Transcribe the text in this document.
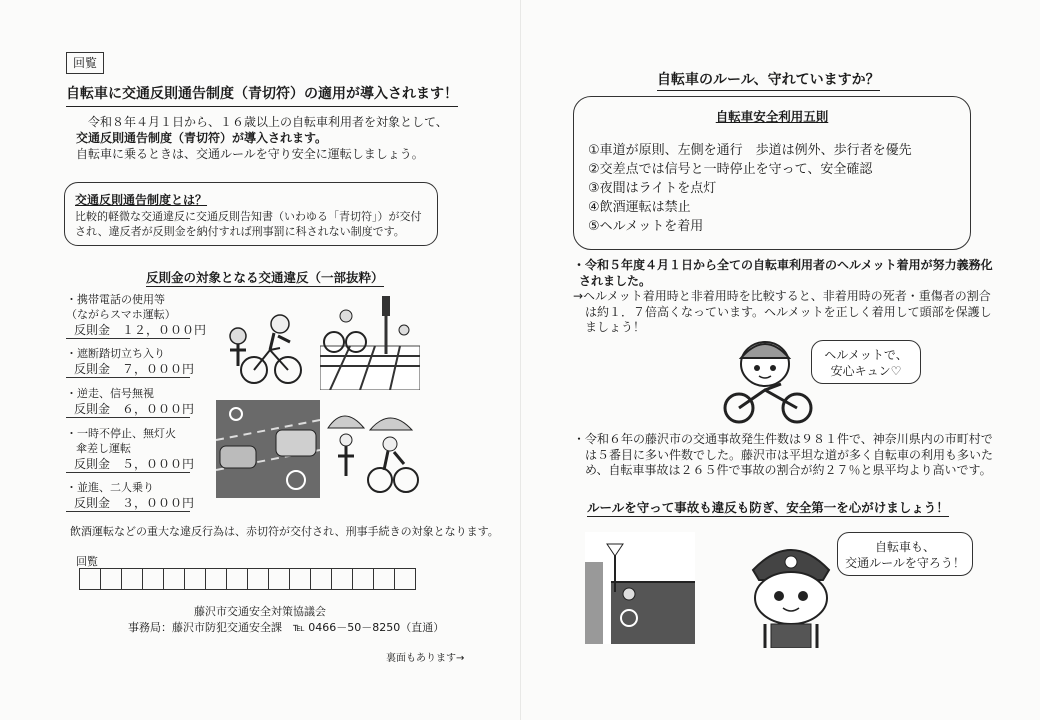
回覧
自転車に交通反則通告制度（青切符）の適用が導入されます！
令和８年４月１日から、１６歳以上の自転車利用者を対象として、
交通反則通告制度（青切符）が導入されます。
自転車に乗るときは、交通ルールを守り安全に運転しましょう。
交通反則通告制度とは？
比較的軽微な交通違反に交通反則告知書（いわゆる「青切符」）が交付
され、違反者が反則金を納付すれば刑事罰に科されない制度です。
反則金の対象となる交通違反（一部抜粋）
・携帯電話の使用等
（ながらスマホ運転）
反則金　 １２，０００円
・遮断踏切立ち入り
反則金　 ７，０００円
・逆走、信号無視
反則金　 ６，０００円
・一時不停止、無灯火
傘差し運転
反則金　 ５，０００円
・並進、二人乗り
反則金　 ３，０００円
飲酒運転などの重大な違反行為は、赤切符が交付され、刑事手続きの対象となります。
回覧
藤沢市交通安全対策協議会
事務局：藤沢市防犯交通安全課　℡ 0466－50－8250（直通）
裏面もあります→
自転車のルール、守れていますか？
自転車安全利用五則
①車道が原則、左側を通行　歩道は例外、歩行者を優先
②交差点では信号と一時停止を守って、安全確認
③夜間はライトを点灯
④飲酒運転は禁止
⑤ヘルメットを着用
・令和５年度４月１日から全ての自転車利用者のヘルメット着用が努力義務化
されました。
→ヘルメット着用時と非着用時を比較すると、非着用時の死者・重傷者の割合
は約１．７倍高くなっています。ヘルメットを正しく着用して頭部を保護し
ましょう！
ヘルメットで、
安心キュン♡
・令和６年の藤沢市の交通事故発生件数は９８１件で、神奈川県内の市町村で
は５番目に多い件数でした。藤沢市は平坦な道が多く自転車の利用も多いた
め、自転車事故は２６５件で事故の割合が約２７％と県平均より高いです。
ルールを守って事故も違反も防ぎ、安全第一を心がけましょう！
自転車も、
交通ルールを守ろう！
